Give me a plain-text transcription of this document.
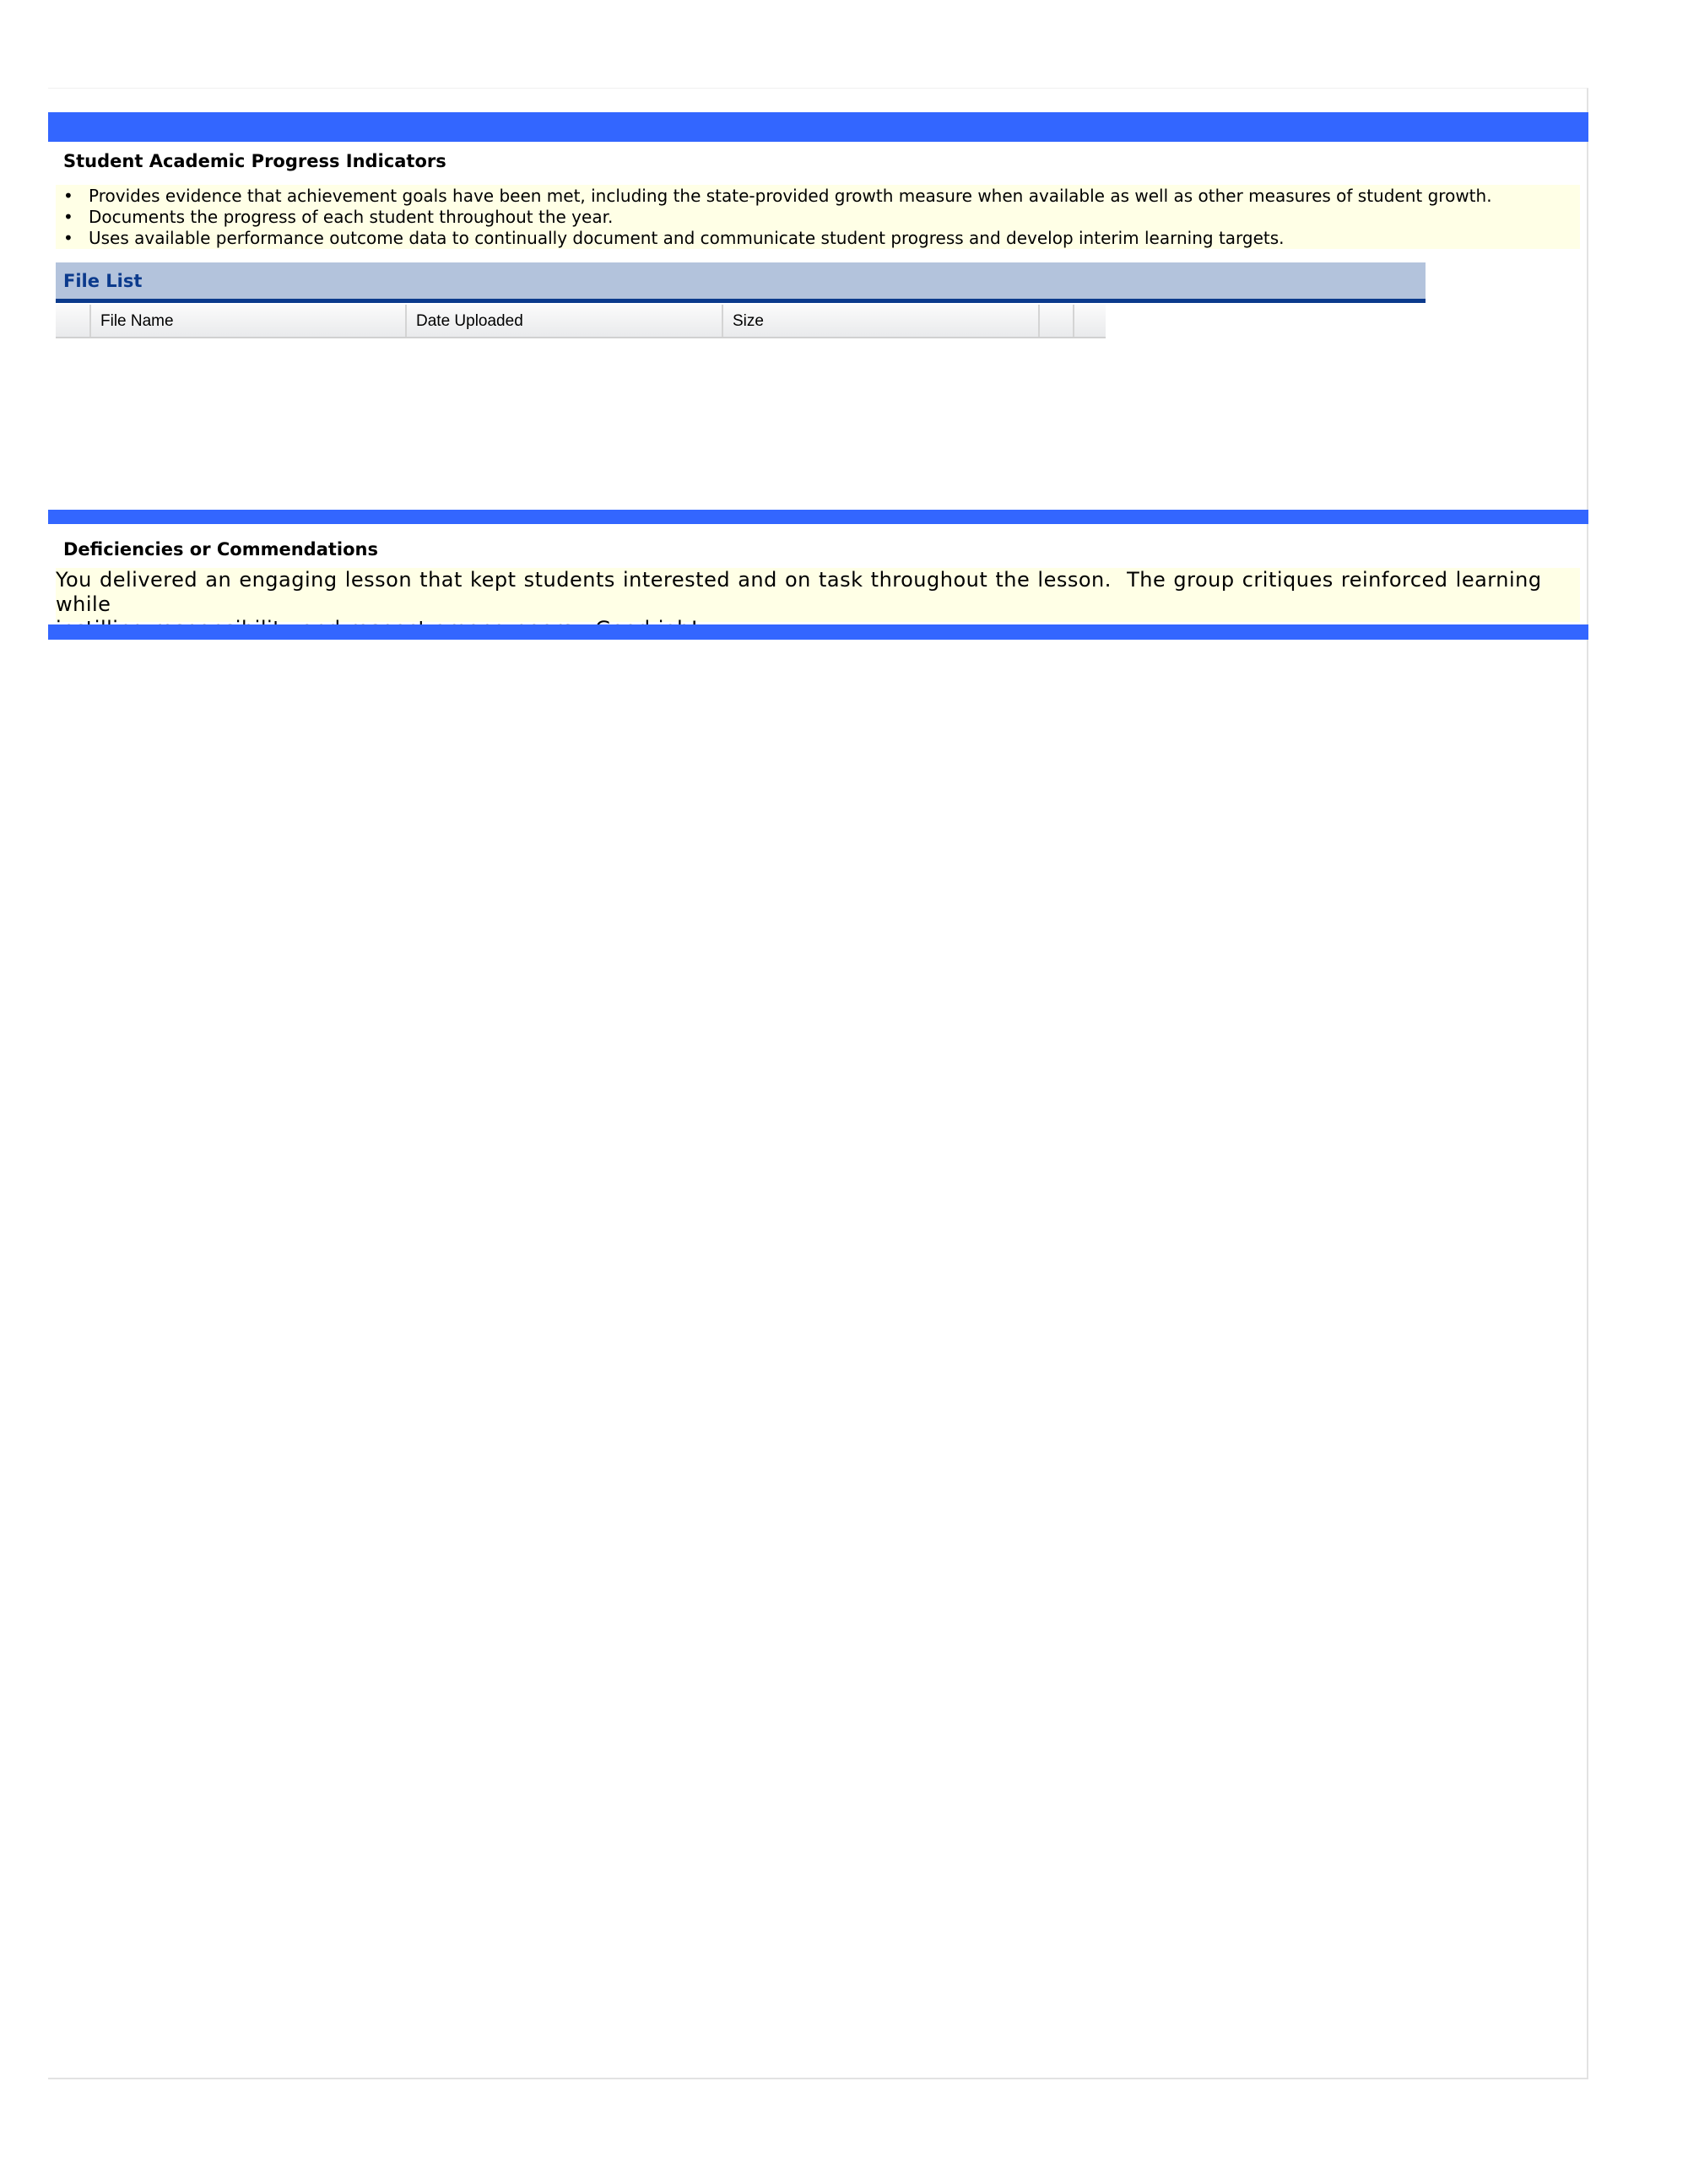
Student Academic Progress Indicators
• Provides evidence that achievement goals have been met, including the state-provided growth measure when available as well as other measures of student growth.
• Documents the progress of each student throughout the year.
• Uses available performance outcome data to continually document and communicate student progress and develop interim learning targets.
File List
File Name	Date Uploaded	Size
Deficiencies or Commendations
You delivered an engaging lesson that kept students interested and on task throughout the lesson.  The group critiques reinforced learning while
